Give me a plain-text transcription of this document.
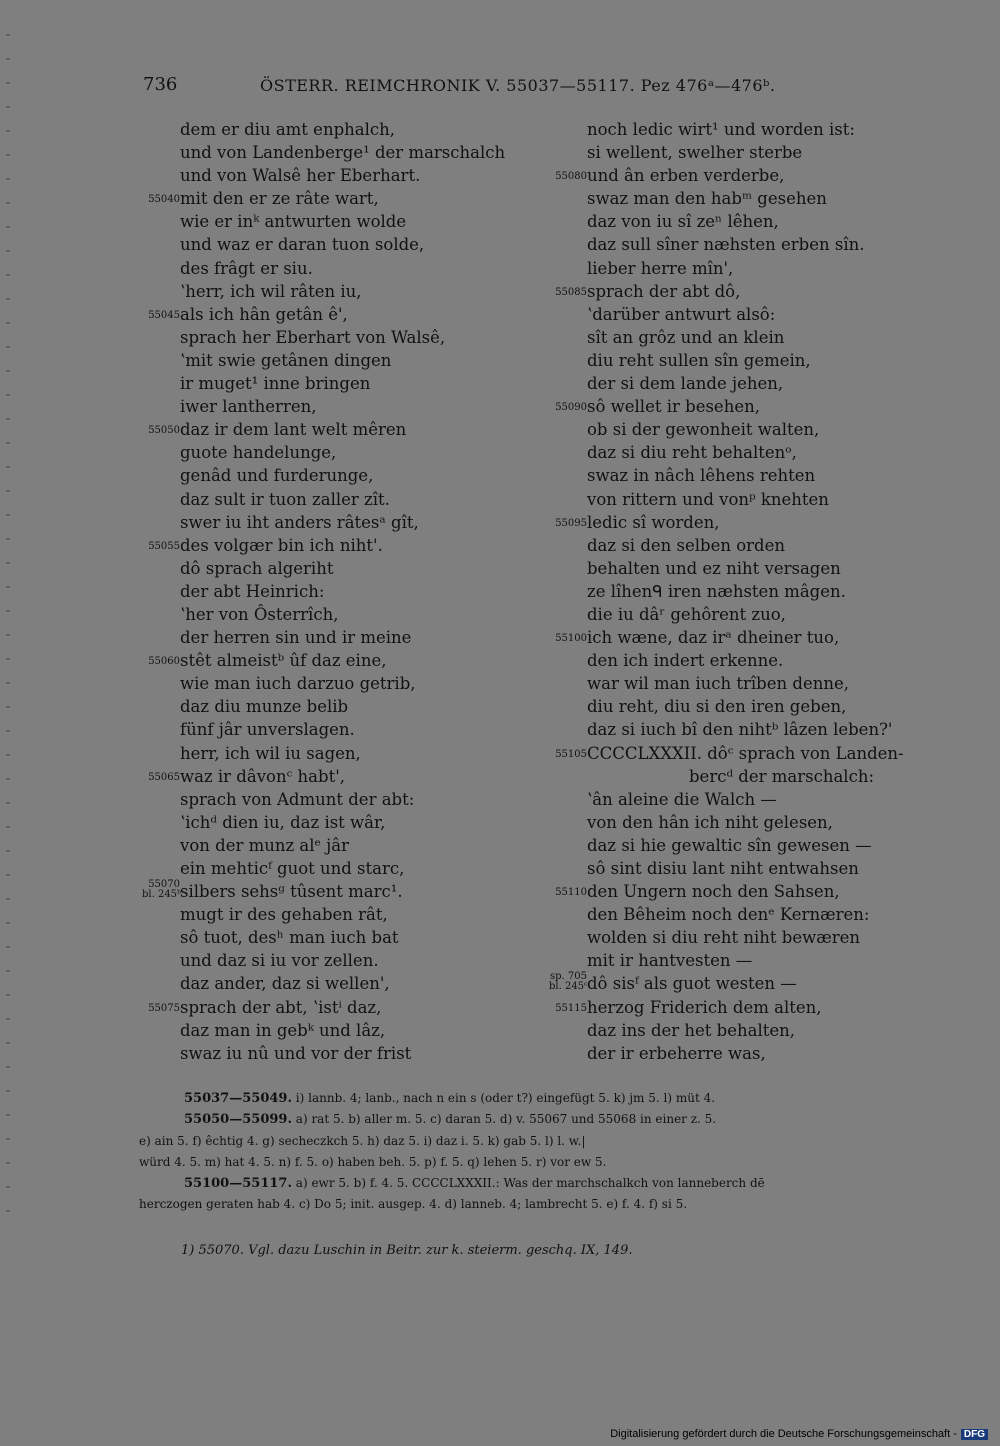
736	ÖSTERR. REIMCHRONIK V. 55037—55117. Pez 476ᵃ—476ᵇ.
dem er diu amt enphalch,
und von Landenberge¹ der marschalch
und von Walsê her Eberhart.
55040 mit den er ze râte wart,
wie er inᵏ antwurten wolde
und waz er daran tuon solde,
des frâgt er siu.
ʽherr, ich wil râten iu,
55045 als ich hân getân ê',
sprach her Eberhart von Walsê,
ʽmit swie getânen dingen
ir muget¹ inne bringen
iwer lantherren,
55050 daz ir dem lant welt mêren
guote handelunge,
genâd und furderunge,
daz sult ir tuon zaller zît.
swer iu iht anders râtesᵃ gît,
55055 des volgær bin ich niht'.
dô sprach algeriht
der abt Heinrich:
ʽher von Ôsterrîch,
der herren sin und ir meine
55060 stêt almeistᵇ ûf daz eine,
wie man iuch darzuo getrib,
daz diu munze belib
fünf jâr unverslagen.
herr, ich wil iu sagen,
55065 waz ir dâvonᶜ habt',
sprach von Admunt der abt:
ʽichᵈ dien iu, daz ist wâr,
von der munz alᵉ jâr
ein mehticᶠ guot und starc,
55070
bl. 245ᵇ
silbers sehsᵍ tûsent marc¹.
mugt ir des gehaben rât,
sô tuot, desʰ man iuch bat
und daz si iu vor zellen.
daz ander, daz si wellen',
55075 sprach der abt, ʽistⁱ daz,
daz man in gebᵏ und lâz,
swaz iu nû und vor der frist
noch ledic wirt¹ und worden ist:
si wellent, swelher sterbe
55080 und ân erben verderbe,
swaz man den habᵐ gesehen
daz von iu sî zeⁿ lêhen,
daz sull sîner næhsten erben sîn.
lieber herre mîn',
55085 sprach der abt dô,
ʽdarüber antwurt alsô:
sît an grôz und an klein
diu reht sullen sîn gemein,
der si dem lande jehen,
55090 sô wellet ir besehen,
ob si der gewonheit walten,
daz si diu reht behaltenᵒ,
swaz in nâch lêhens rehten
von rittern und vonᵖ knehten
55095 ledic sî worden,
daz si den selben orden
behalten und ez niht versagen
ze lîhenᑫ iren næhsten mâgen.
die iu dâʳ gehôrent zuo,
55100 ich wæne, daz irᵃ dheiner tuo,
den ich indert erkenne.
war wil man iuch trîben denne,
diu reht, diu si den iren geben,
daz si iuch bî den nihtᵇ lâzen leben?'
55105 CCCCLXXXII. dôᶜ sprach von Landen-
bercᵈ der marschalch:
ʽân aleine die Walch —
von den hân ich niht gelesen,
daz si hie gewaltic sîn gewesen —
sô sint disiu lant niht entwahsen
55110 den Ungern noch den Sahsen,
den Bêheim noch denᵉ Kernæren:
wolden si diu reht niht bewæren
mit ir hantvesten —
sp. 705
bl. 245ᶜ dô sisᶠ als guot westen —
55115 herzog Friderich dem alten,
daz ins der het behalten,
der ir erbeherre was,
55037—55049. i) lannb. 4; lanb., nach n ein s (oder t?) eingefügt 5. k) jm 5. l) müt 4.
55050—55099. a) rat 5. b) aller m. 5. c) daran 5. d) v. 55067 und 55068 in einer z. 5.
e) ain 5. f) êchtig 4. g) secheczkch 5. h) daz 5. i) daz i. 5. k) gab 5. l) l. w.|
würd 4. 5. m) hat 4. 5. n) f. 5. o) haben beh. 5. p) f. 5. q) lehen 5. r) vor ew 5.
55100—55117. a) ewr 5. b) f. 4. 5. CCCCLXXXII.: Was der marchschalkch von lanneberch dē
herczogen geraten hab 4. c) Do 5; init. ausgep. 4. d) lanneb. 4; lambrecht 5. e) f. 4. f) si 5.
1) 55070. Vgl. dazu Luschin in Beitr. zur k. steierm. geschq. IX, 149.
Digitalisierung gefördert durch die Deutsche Forschungsgemeinschaft - DFG
